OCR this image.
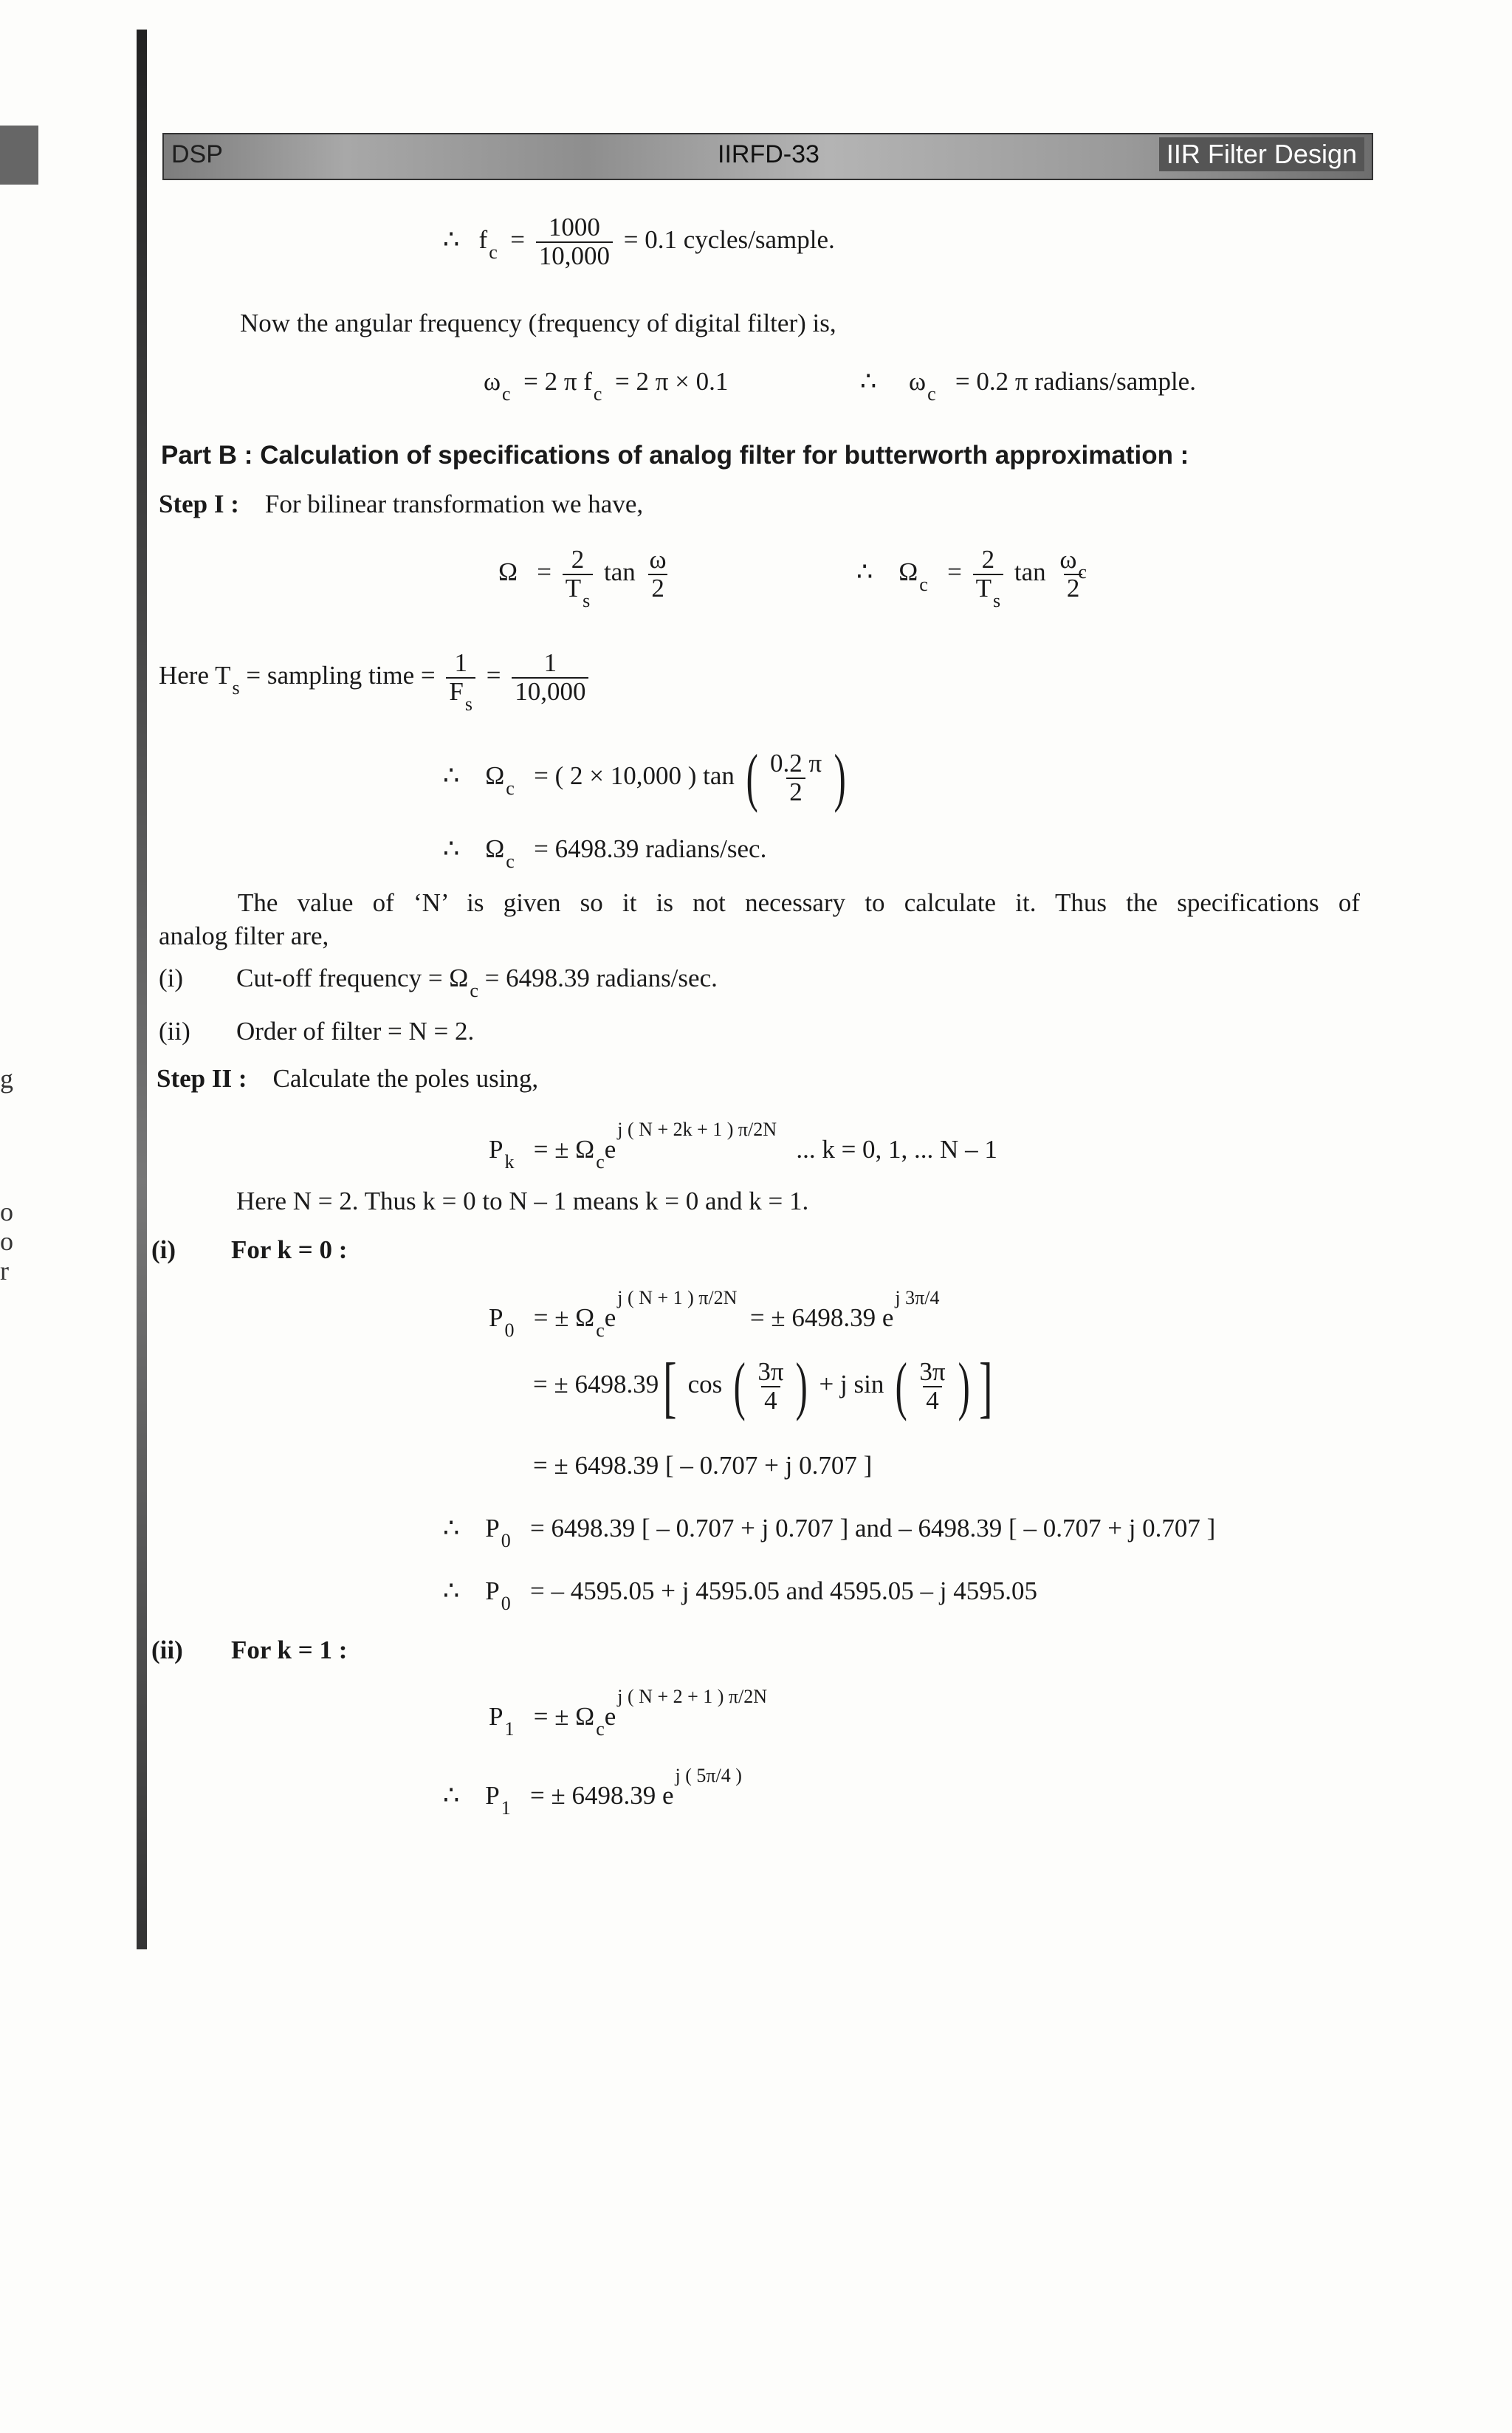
DSP	IIRFD-33	IIR Filter Design
g
o
o
r
∴ $f_c = \frac{1000}{10,000} = 0.1$ cycles/sample.
Now the angular frequency (frequency of digital filter) is,
$\omega_c = 2$ π $f_c = 2$ π × 0.1	∴ $\omega_c = 0.2$ π radians/sample.
Part B : Calculation of specifications of analog filter for butterworth approximation :
Step I : For bilinear transformation we have,
$\Omega = \frac{2}{T_s}$ $\tan \frac{\omega}{2}$	∴ $\Omega_c = \frac{2}{T_s}$ $\tan \frac{\omega_c}{2}$
Here $T_s$ = sampling time = $\frac{1}{F_s} = \frac{1}{10,000}$
∴ $\Omega_c$ = ( 2 × 10,000 ) tan ( $\frac{0.2 \pi}{2}$ )
∴ $\Omega_c = 6498.39$ radians/sec.
The value of ‘N’ is given so it is not necessary to calculate it. Thus the specifications of
analog filter are,
(i) Cut-off frequency = $\Omega_c = 6498.39$ radians/sec.
(ii) Order of filter = N = 2.
Step II : Calculate the poles using,
$P_k$ = ± $\Omega_ce^{j ( N + 2k + 1 ) \pi/2N}$   ... k = 0, 1, ... N – 1
Here N = 2. Thus k = 0 to N – 1 means k = 0 and k = 1.
(i) For k = 0 :
$P_0$ = ± $\Omega_ce^{j ( N + 1 ) \pi/2N}$  = ± 6498.39 $e^{j 3\pi/4}$
= ± 6498.39[ cos ( $\frac{3\pi}{4}$ ) + j sin ( $\frac{3\pi}{4}$ ) ]
= ± 6498.39 [ – 0.707 + j 0.707 ]
∴ $P_0 = 6498.39$ [ – 0.707 + j 0.707 ] and – 6498.39 [ – 0.707 + j 0.707 ]
∴ $P_0$ = – 4595.05 + j 4595.05 and 4595.05 – j 4595.05
(ii) For k = 1 :
$P_1$ = ± $\Omega_ce^{j ( N + 2 + 1 ) \pi/2N}$
∴ $P_1$ = ± 6498.39 $e^{j ( 5\pi/4 )}$
